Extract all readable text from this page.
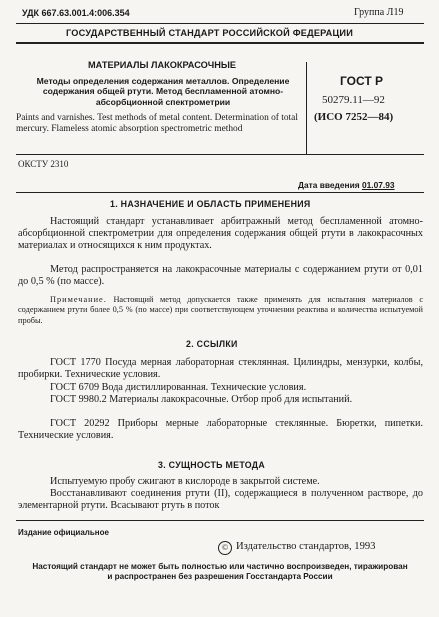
УДК 667.63.001.4:006.354	Группа Л19
ГОСУДАРСТВЕННЫЙ СТАНДАРТ РОССИЙСКОЙ ФЕДЕРАЦИИ
МАТЕРИАЛЫ ЛАКОКРАСОЧНЫЕ
Методы определения содержания металлов. Определение содержания общей ртути. Метод беспламенной атомно-абсорбционной спектрометрии
Paints and varnishes. Test methods of metal content. Determination of total mercury. Flameless atomic absorption spectrometric method
ГОСТ Р
50279.11—92
(ИСО 7252—84)
ОКСТУ 2310
Дата введения 01.07.93
1. НАЗНАЧЕНИЕ И ОБЛАСТЬ ПРИМЕНЕНИЯ

Настоящий стандарт устанавливает арбитражный метод беспламенной атомно-абсорбционной спектрометрии для определения содержания общей ртути в лакокрасочных материалах и относящихся к ним продуктах.

Метод распространяется на лакокрасочные материалы с содержанием ртути от 0,01 до 0,5 % (по массе).

Примечание. Настоящий метод допускается также применять для испытания материалов с содержанием ртути более 0,5 % (по массе) при соответствующем уточнении реактива и количества испытуемой пробы.

2. ССЫЛКИ

ГОСТ 1770 Посуда мерная лабораторная стеклянная. Цилиндры, мензурки, колбы, пробирки. Технические условия.

ГОСТ 6709 Вода дистиллированная. Технические условия.

ГОСТ 9980.2 Материалы лакокрасочные. Отбор проб для испытаний.

ГОСТ 20292 Приборы мерные лабораторные стеклянные. Бюретки, пипетки. Технические условия.

3. СУЩНОСТЬ МЕТОДА

Испытуемую пробу сжигают в кислороде в закрытой системе.

Восстанавливают соединения ртути (II), содержащиеся в полученном растворе, до элементарной ртути. Всасывают ртуть в поток

Издание официальное
© Издательство стандартов, 1993
Настоящий стандарт не может быть полностью или частично воспроизведен, тиражирован и распространен без разрешения Госстандарта России
